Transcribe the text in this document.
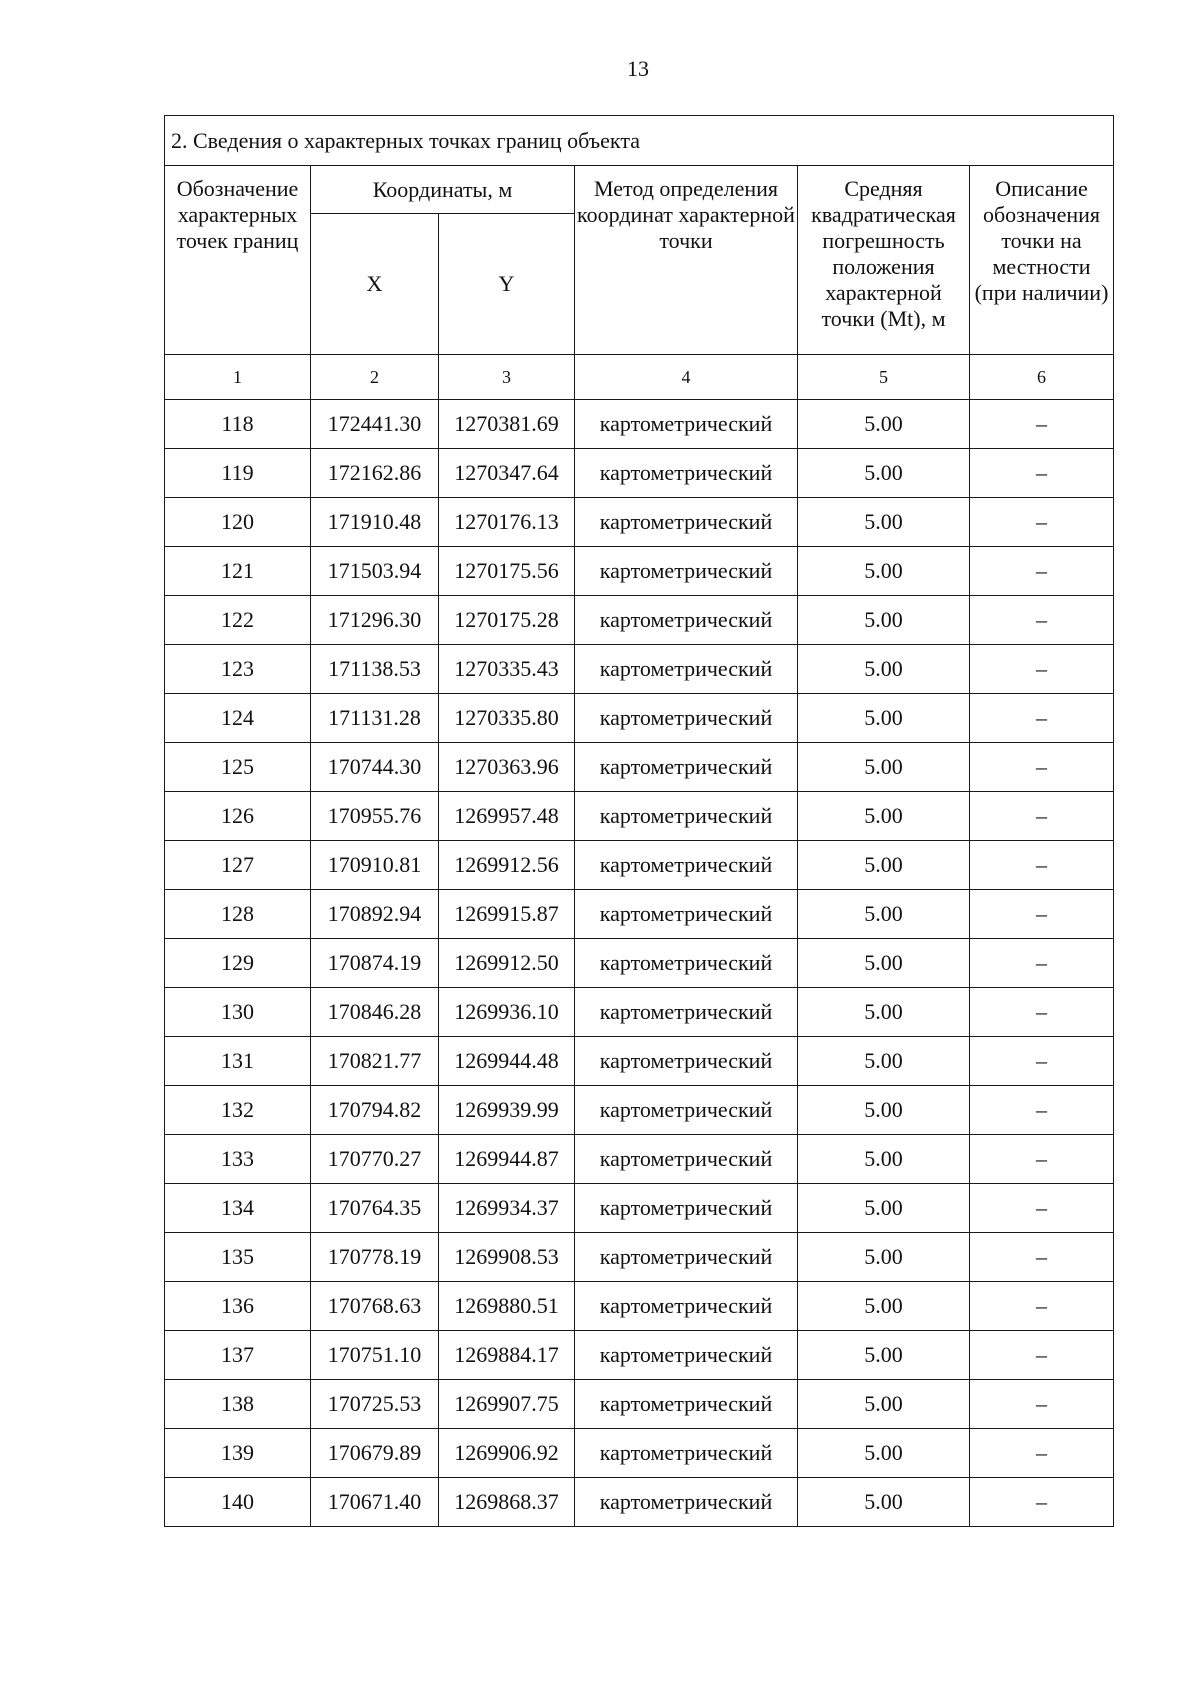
13
2. Сведения о характерных точках границ объекта					
Обозначение характерных точек границ	Координаты, м		Метод определения координат характерной точки	Средняя квадратическая погрешность положения характерной точки (Mt), м	Описание обозначения точки на местности (при наличии)
	X	Y			
1	2	3	4	5	6
118	172441.30	1270381.69	картометрический	5.00	–
119	172162.86	1270347.64	картометрический	5.00	–
120	171910.48	1270176.13	картометрический	5.00	–
121	171503.94	1270175.56	картометрический	5.00	–
122	171296.30	1270175.28	картометрический	5.00	–
123	171138.53	1270335.43	картометрический	5.00	–
124	171131.28	1270335.80	картометрический	5.00	–
125	170744.30	1270363.96	картометрический	5.00	–
126	170955.76	1269957.48	картометрический	5.00	–
127	170910.81	1269912.56	картометрический	5.00	–
128	170892.94	1269915.87	картометрический	5.00	–
129	170874.19	1269912.50	картометрический	5.00	–
130	170846.28	1269936.10	картометрический	5.00	–
131	170821.77	1269944.48	картометрический	5.00	–
132	170794.82	1269939.99	картометрический	5.00	–
133	170770.27	1269944.87	картометрический	5.00	–
134	170764.35	1269934.37	картометрический	5.00	–
135	170778.19	1269908.53	картометрический	5.00	–
136	170768.63	1269880.51	картометрический	5.00	–
137	170751.10	1269884.17	картометрический	5.00	–
138	170725.53	1269907.75	картометрический	5.00	–
139	170679.89	1269906.92	картометрический	5.00	–
140	170671.40	1269868.37	картометрический	5.00	–
